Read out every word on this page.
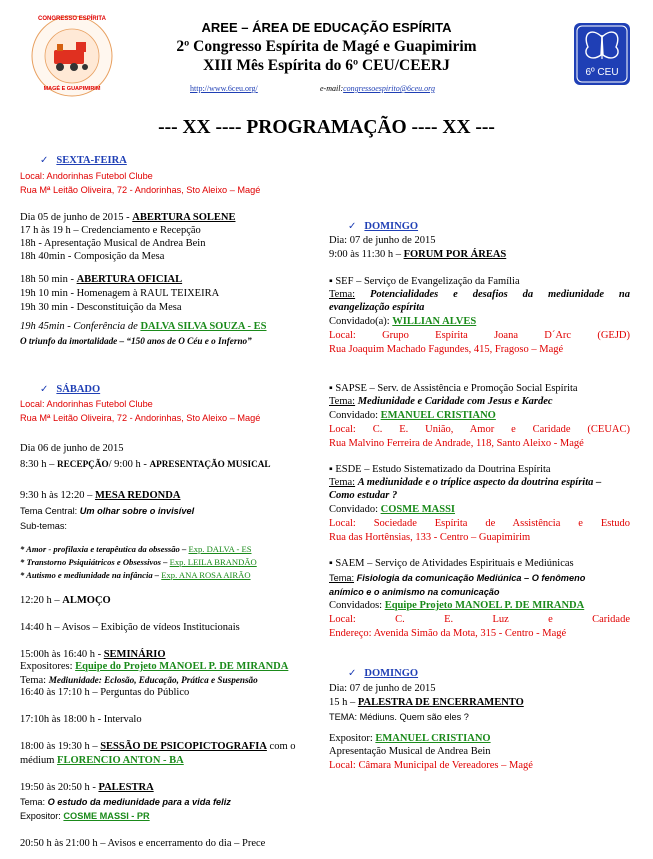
CONGRESSO ESPÍRITA
MAGÉ E GUAPIMIRIM
AREE – ÁREA DE EDUCAÇÃO ESPÍRITA
2º Congresso Espírita de Magé e Guapimirim
XIII Mês Espírita do 6º CEU/CEERJ
http://www.6ceu.org/	e-mail:congressoespirito@6ceu.org
6º CEU
--- XX ---- PROGRAMAÇÃO ---- XX ---
✓ SEXTA-FEIRA
Local: Andorinhas Futebol Clube
Rua Mª Leitão Oliveira, 72 - Andorinhas, Sto Aleixo – Magé
Dia 05 de junho de 2015 - ABERTURA SOLENE
17 h às 19 h – Credenciamento e Recepção
18h - Apresentação Musical de Andrea Bein
18h 40min - Composição da Mesa
18h 50 min - ABERTURA OFICIAL
19h 10 min - Homenagem à RAUL TEIXEIRA
19h 30 min - Desconstituição da Mesa
19h 45min - Conferência de DALVA SILVA SOUZA - ES
O triunfo da imortalidade – “150 anos de O Céu e o Inferno”
✓ SÁBADO
Local: Andorinhas Futebol Clube
Rua Mª Leitão Oliveira, 72 - Andorinhas, Sto Aleixo – Magé
Dia 06 de junho de 2015
8:30 h – RECEPÇÃO/ 9:00 h - APRESENTAÇÃO MUSICAL
9:30 h às 12:20 – MESA REDONDA
Tema Central: Um olhar sobre o invisível
Sub-temas:
* Amor - profilaxia e terapêutica da obsessão – Exp. DALVA - ES
* Transtorno Psiquiátricos e Obsessivos – Exp. LEILA BRANDÃO
* Autismo e mediunidade na infância – Exp. ANA ROSA AIRÃO
12:20 h – ALMOÇO
14:40 h – Avisos – Exibição de vídeos Institucionais
15:00h às 16:40 h - SEMINÁRIO
Expositores: Equipe do Projeto MANOEL P. DE MIRANDA
Tema: Mediunidade: Eclosão, Educação, Prática e Suspensão
16:40 às 17:10 h – Perguntas do Público
17:10h às 18:00 h - Intervalo
18:00 às 19:30 h – SESSÃO DE PSICOPICTOGRAFIA com o
médium FLORENCIO ANTON - BA
19:50 às 20:50 h - PALESTRA
Tema: O estudo da mediunidade para a vida feliz
Expositor: COSME MASSI - PR
20:50 h às 21:00 h – Avisos e encerramento do dia – Prece
✓ DOMINGO
Dia: 07 de junho de 2015
9:00 às 11:30 h – FORUM POR ÁREAS
▪ SEF – Serviço de Evangelização da Família
Tema: Potencialidades e desafios da mediunidade na
evangelização espírita
Convidado(a): WILLIAN ALVES
Local: Grupo Espírita Joana D´Arc (GEJD)
Rua Joaquim Machado Fagundes, 415, Fragoso – Magé
▪ SAPSE – Serv. de Assistência e Promoção Social Espírita
Tema: Mediunidade e Caridade com Jesus e Kardec
Convidado: EMANUEL CRISTIANO
Local: C. E. União, Amor e Caridade (CEUAC)
Rua Malvino Ferreira de Andrade, 118, Santo Aleixo - Magé
▪ ESDE – Estudo Sistematizado da Doutrina Espírita
Tema: A mediunidade e o tríplice aspecto da doutrina espírita –
Como estudar ?
Convidado: COSME MASSI
Local: Sociedade Espírita de Assistência e Estudo
Rua das Hortênsias, 133 - Centro – Guapimirim
▪ SAEM – Serviço de Atividades Espirituais e Mediúnicas
Tema: Fisiologia da comunicação Mediúnica – O fenômeno
anímico e o animismo na comunicação
Convidados: Equipe Projeto MANOEL P. DE MIRANDA
Local: C. E. Luz e Caridade
Endereço: Avenida Simão da Mota, 315 - Centro - Magé
✓ DOMINGO
Dia: 07 de junho de 2015
15 h – PALESTRA DE ENCERRAMENTO
TEMA: Médiuns. Quem são eles ?
Expositor: EMANUEL CRISTIANO
Apresentação Musical de Andrea Bein
Local: Câmara Municipal de Vereadores – Magé
